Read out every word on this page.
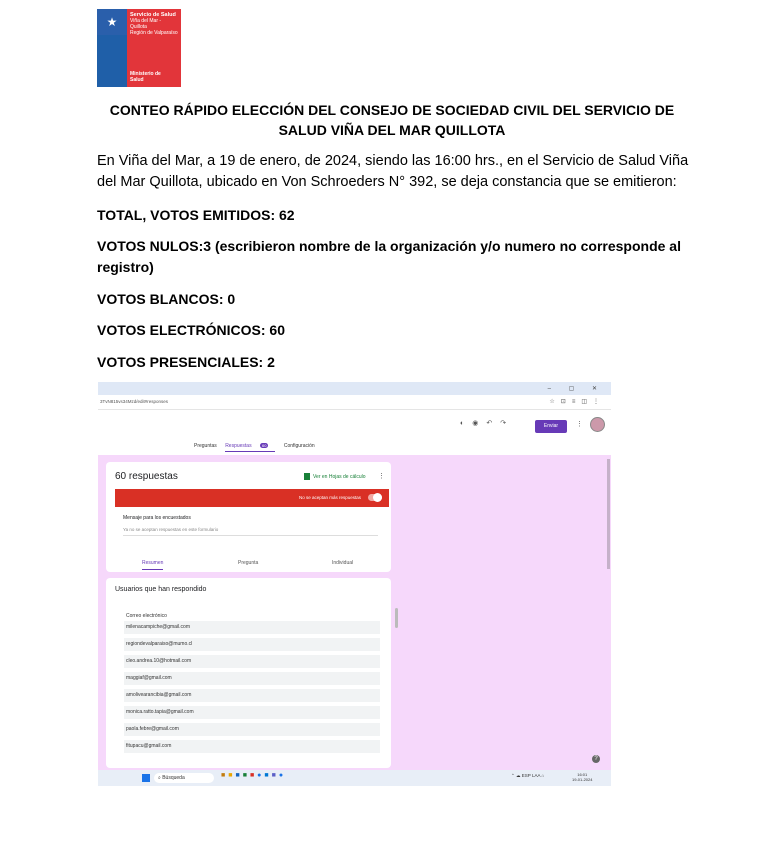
★	Servicio de Salud
Viña del Mar -
Quillota
Región de Valparaíso
Ministerio de
Salud
CONTEO RÁPIDO ELECCIÓN DEL CONSEJO DE SOCIEDAD CIVIL DEL SERVICIO DE SALUD VIÑA DEL MAR QUILLOTA
En Viña del Mar, a 19 de enero, de 2024, siendo las 16:00 hrs., en el Servicio de Salud Viña del Mar Quillota, ubicado en Von Schroeders N° 392, se deja constancia que se emitieron:
TOTAL, VOTOS EMITIDOS: 62
VOTOS NULOS:3 (escribieron nombre de la organización y/o numero no corresponde al registro)
VOTOS BLANCOS: 0
VOTOS ELECTRÓNICOS: 60
VOTOS PRESENCIALES: 2
– ▢ ✕
3TvN815vs34Mzd/edit#responses	☆⊡≡◫⋮
◐◉↶↷	Enviar	⋮
Preguntas Respuestas	60	Configuración
60 respuestas	Ver en Hojas de cálculo ⋮
No se aceptan más respuestas
Mensaje para los encuestados
Ya no se aceptan respuestas en este formulario
Resumen	Pregunta	Individual
Usuarios que han respondido
Correo electrónico
milenacampiche@gmail.com
regiondevalparaiso@mumo.cl
cleo.andrea.10@hotmail.com
maggiaf@gmail.com
amolivearancibia@gmail.com
monica.ratto.tapia@gmail.com
paola.febre@gmail.com
fitupacu@gmail.com
?
⌕ Búsqueda	■■■■■●■■●	⌃ ☁ ESP LAA ⌂	16:01
19-01-2024
